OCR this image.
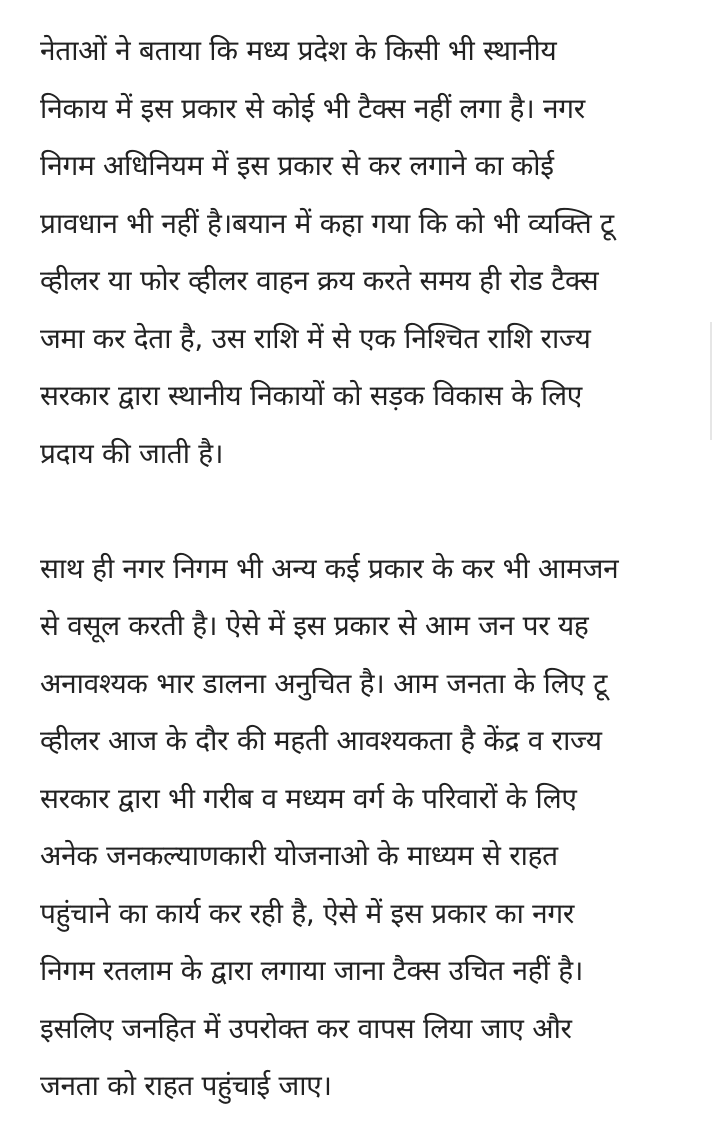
नेताओं ने बताया कि मध्य प्रदेश के किसी भी स्थानीय
निकाय में इस प्रकार से कोई भी टैक्स नहीं लगा है। नगर
निगम अधिनियम में इस प्रकार से कर लगाने का कोई
प्रावधान भी नहीं है।बयान में कहा गया कि को भी व्यक्ति टू
व्हीलर या फोर व्हीलर वाहन क्रय करते समय ही रोड टैक्स
जमा कर देता है, उस राशि में से एक निश्चित राशि राज्य
सरकार द्वारा स्थानीय निकायों को सड़क विकास के लिए
प्रदाय की जाती है।
साथ ही नगर निगम भी अन्य कई प्रकार के कर भी आमजन
से वसूल करती है। ऐसे में इस प्रकार से आम जन पर यह
अनावश्यक भार डालना अनुचित है। आम जनता के लिए टू
व्हीलर आज के दौर की महती आवश्यकता है केंद्र व राज्य
सरकार द्वारा भी गरीब व मध्यम वर्ग के परिवारों के लिए
अनेक जनकल्याणकारी योजनाओ के माध्यम से राहत
पहुंचाने का कार्य कर रही है, ऐसे में इस प्रकार का नगर
निगम रतलाम के द्वारा लगाया जाना टैक्स उचित नहीं है।
इसलिए जनहित में उपरोक्त कर वापस लिया जाए और
जनता को राहत पहुंचाई जाए।
